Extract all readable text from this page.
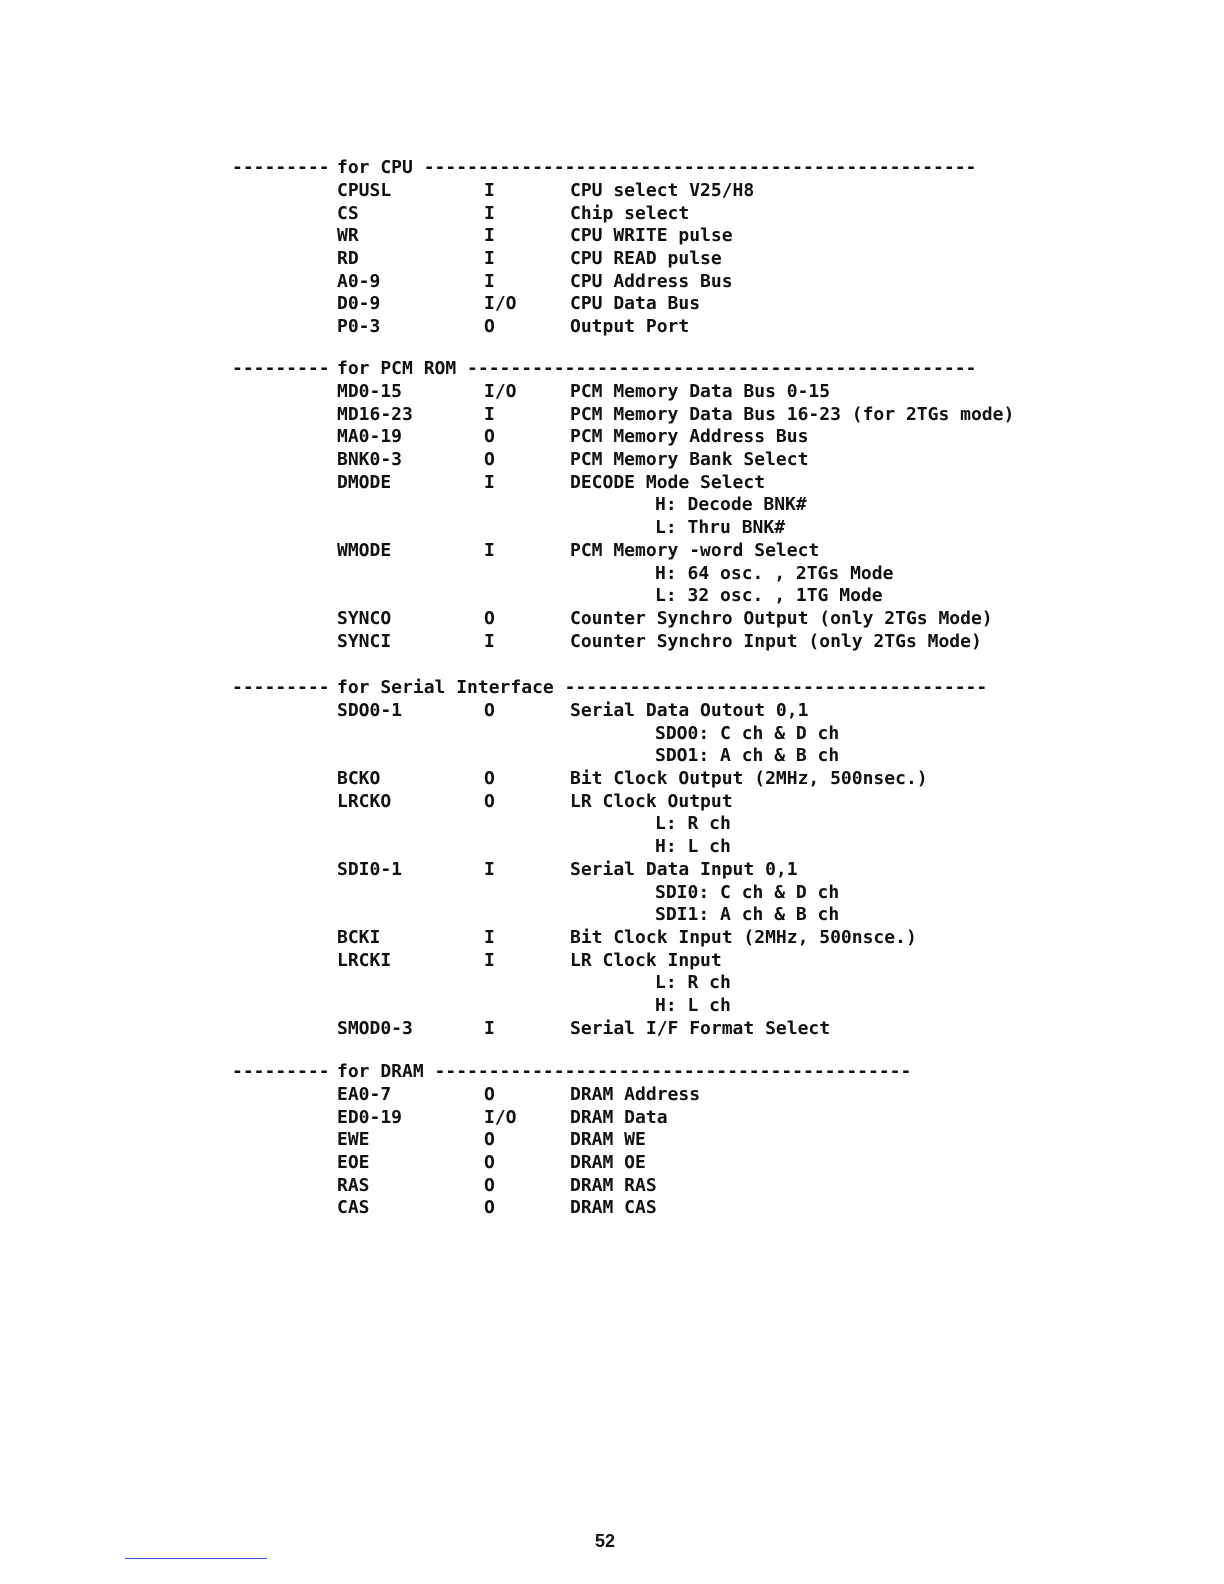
--------- for CPU ---------------------------------------------------
CPUSL	I	CPU select V25/H8
CS	I	Chip select
WR	I	CPU WRITE pulse
RD	I	CPU READ pulse
A0-9	I	CPU Address Bus
D0-9	I/O	CPU Data Bus
P0-3	O	Output Port
--------- for PCM ROM -----------------------------------------------
MD0-15	I/O	PCM Memory Data Bus 0-15
MD16-23	I	PCM Memory Data Bus 16-23 (for 2TGs mode)
MA0-19	O	PCM Memory Address Bus
BNK0-3	O	PCM Memory Bank Select
DMODE	I	DECODE Mode Select
H: Decode BNK#
L: Thru BNK#
WMODE	I	PCM Memory -word Select
H: 64 osc. , 2TGs Mode
L: 32 osc. , 1TG Mode
SYNCO	O	Counter Synchro Output (only 2TGs Mode)
SYNCI	I	Counter Synchro Input (only 2TGs Mode)
--------- for Serial Interface ---------------------------------------
SDO0-1	O	Serial Data Outout 0,1
SDO0: C ch & D ch
SDO1: A ch & B ch
BCKO	O	Bit Clock Output (2MHz, 500nsec.)
LRCKO	O	LR Clock Output
L: R ch
H: L ch
SDI0-1	I	Serial Data Input 0,1
SDI0: C ch & D ch
SDI1: A ch & B ch
BCKI	I	Bit Clock Input (2MHz, 500nsce.)
LRCKI	I	LR Clock Input
L: R ch
H: L ch
SMOD0-3	I	Serial I/F Format Select
--------- for DRAM --------------------------------------------
EA0-7	O	DRAM Address
ED0-19	I/O	DRAM Data
EWE	O	DRAM WE
EOE	O	DRAM OE
RAS	O	DRAM RAS
CAS	O	DRAM CAS
52
